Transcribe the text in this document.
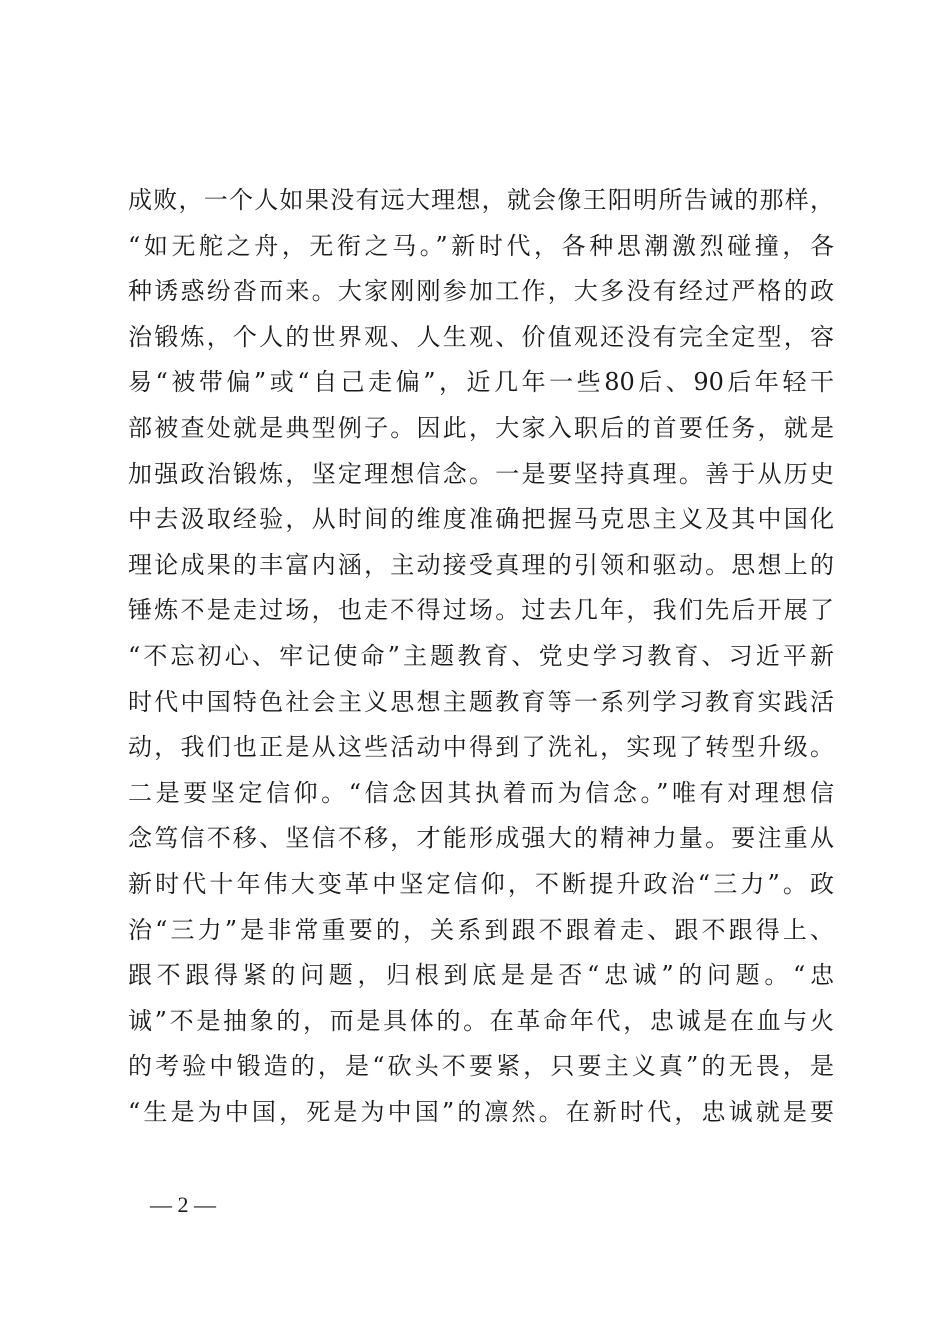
成败，一个人如果没有远大理想，就会像王阳明所告诫的那样，
“如无舵之舟，无衔之马。”新时代，各种思潮激烈碰撞，各
种诱惑纷沓而来。大家刚刚参加工作，大多没有经过严格的政
治锻炼，个人的世界观、人生观、价值观还没有完全定型，容
易“被带偏”或“自己走偏”，近几年一些80后、90后年轻干
部被查处就是典型例子。因此，大家入职后的首要任务，就是
加强政治锻炼，坚定理想信念。一是要坚持真理。善于从历史
中去汲取经验，从时间的维度准确把握马克思主义及其中国化
理论成果的丰富内涵，主动接受真理的引领和驱动。思想上的
锤炼不是走过场，也走不得过场。过去几年，我们先后开展了
“不忘初心、牢记使命”主题教育、党史学习教育、习近平新
时代中国特色社会主义思想主题教育等一系列学习教育实践活
动，我们也正是从这些活动中得到了洗礼，实现了转型升级。
二是要坚定信仰。“信念因其执着而为信念。”唯有对理想信
念笃信不移、坚信不移，才能形成强大的精神力量。要注重从
新时代十年伟大变革中坚定信仰，不断提升政治“三力”。政
治“三力”是非常重要的，关系到跟不跟着走、跟不跟得上、
跟不跟得紧的问题，归根到底是是否“忠诚”的问题。“忠
诚”不是抽象的，而是具体的。在革命年代，忠诚是在血与火
的考验中锻造的，是“砍头不要紧，只要主义真”的无畏，是
“生是为中国，死是为中国”的凛然。在新时代，忠诚就是要
— 2 —
